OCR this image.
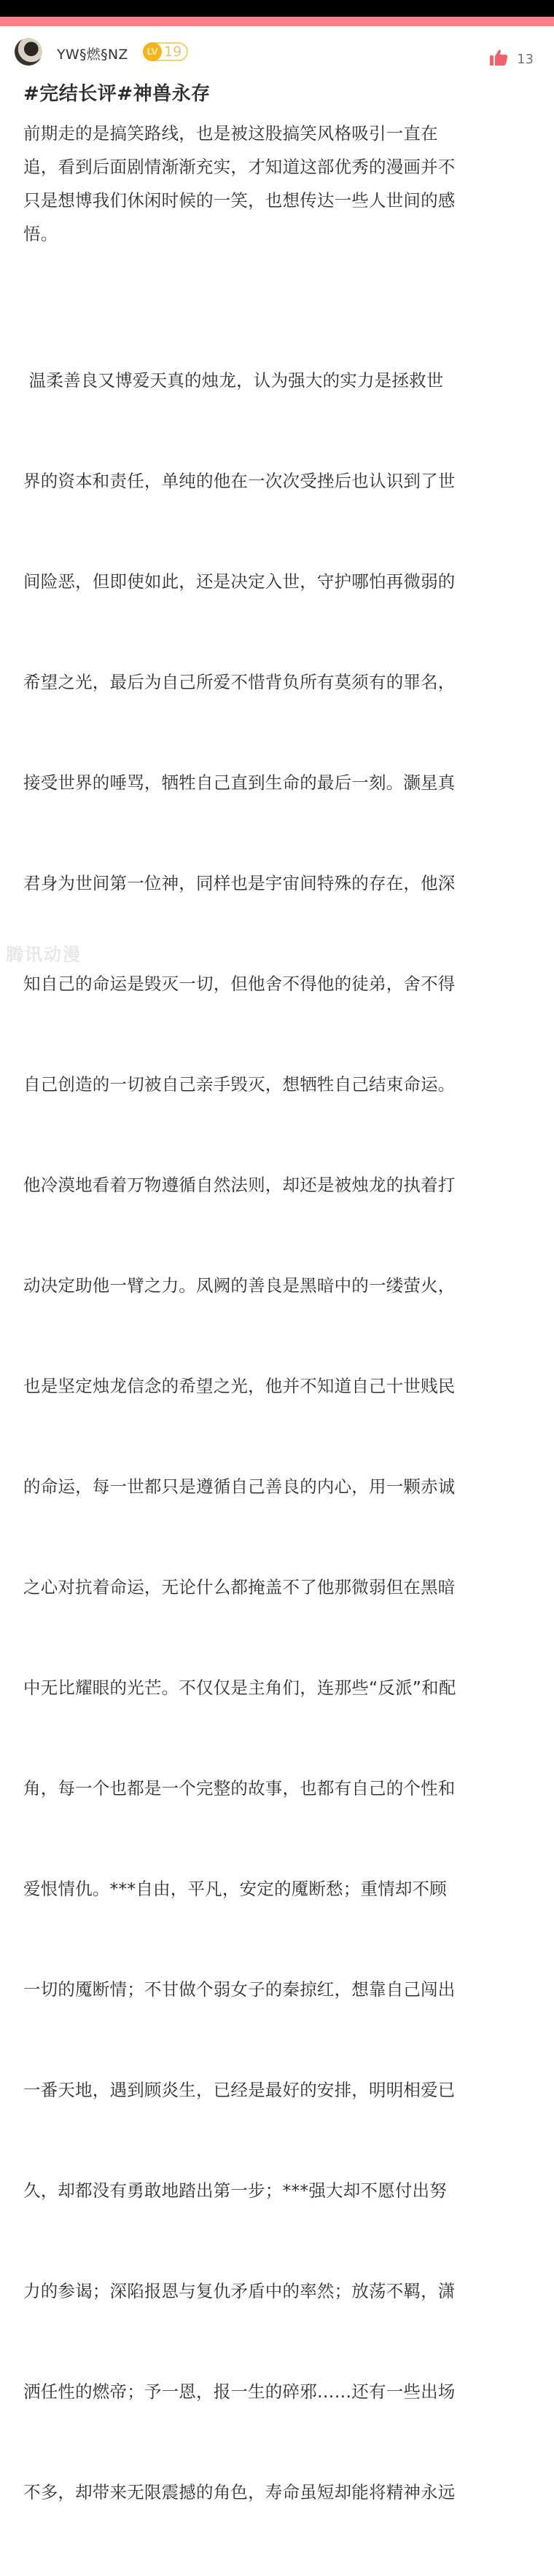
YW§燃§NZ	LV 19	13
#完结长评#神兽永存
前期走的是搞笑路线，也是被这股搞笑风格吸引一直在
追，看到后面剧情渐渐充实，才知道这部优秀的漫画并不
只是想博我们休闲时候的一笑，也想传达一些人世间的感
悟。

温柔善良又博爱天真的烛龙，认为强大的实力是拯救世

界的资本和责任，单纯的他在一次次受挫后也认识到了世

间险恶，但即使如此，还是决定入世，守护哪怕再微弱的

希望之光，最后为自己所爱不惜背负所有莫须有的罪名，

接受世界的唾骂，牺牲自己直到生命的最后一刻。灏星真

君身为世间第一位神，同样也是宇宙间特殊的存在，他深

知自己的命运是毁灭一切，但他舍不得他的徒弟，舍不得

自己创造的一切被自己亲手毁灭，想牺牲自己结束命运。

他冷漠地看着万物遵循自然法则，却还是被烛龙的执着打

动决定助他一臂之力。凤阙的善良是黑暗中的一缕萤火，

也是坚定烛龙信念的希望之光，他并不知道自己十世贱民

的命运，每一世都只是遵循自己善良的内心，用一颗赤诚

之心对抗着命运，无论什么都掩盖不了他那微弱但在黑暗

中无比耀眼的光芒。不仅仅是主角们，连那些“反派”和配

角，每一个也都是一个完整的故事，也都有自己的个性和

爱恨情仇。***自由，平凡，安定的魇断愁；重情却不顾

一切的魇断情；不甘做个弱女子的秦掠红，想靠自己闯出

一番天地，遇到顾炎生，已经是最好的安排，明明相爱已

久，却都没有勇敢地踏出第一步；***强大却不愿付出努

力的参谒；深陷报恩与复仇矛盾中的率然；放荡不羁，潇

洒任性的燃帝；予一恩，报一生的碎邪……还有一些出场

不多，却带来无限震撼的角色，寿命虽短却能将精神永远

腾讯动漫
